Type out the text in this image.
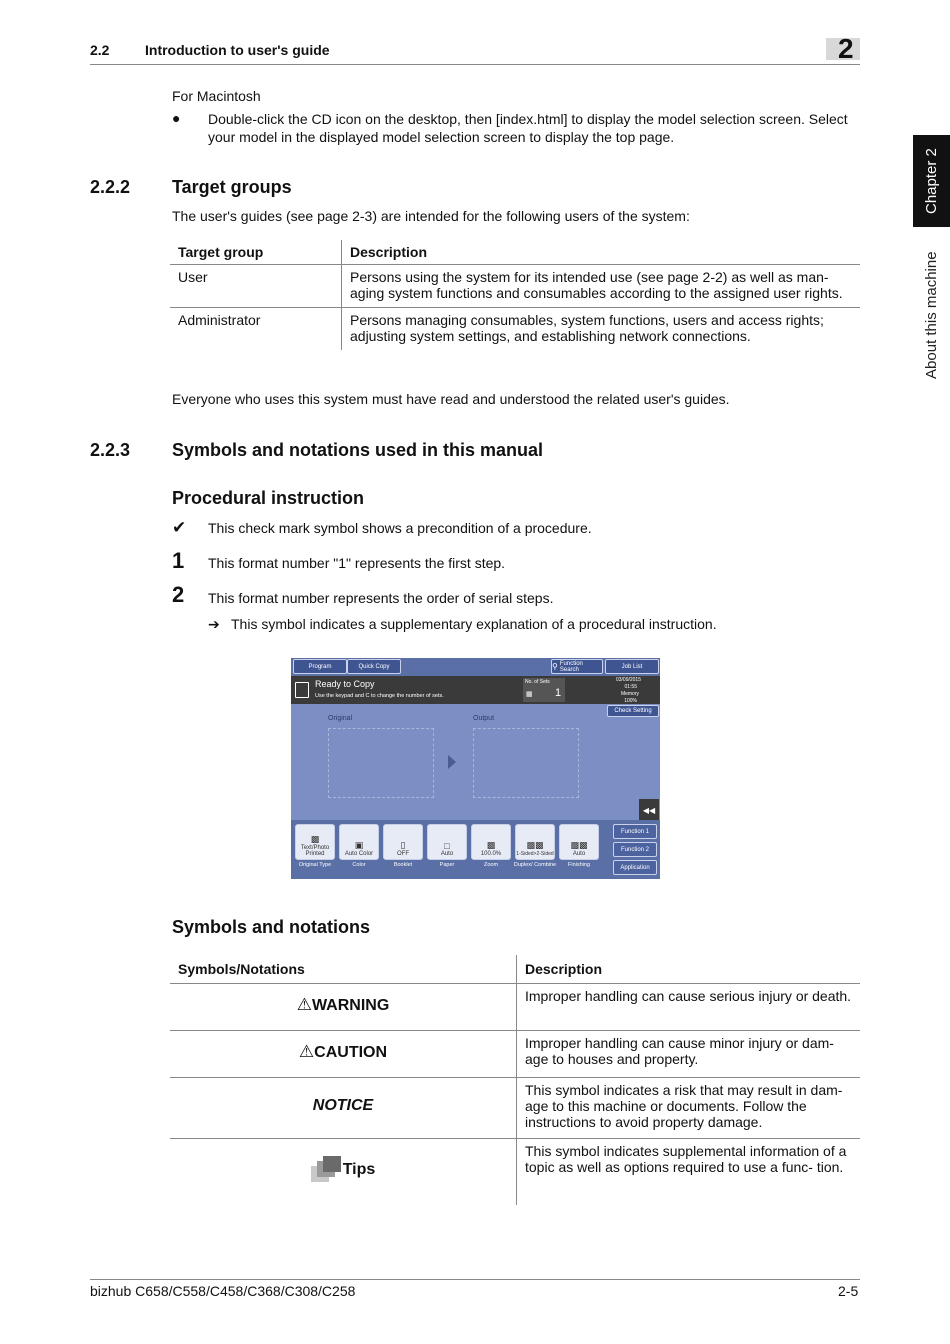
2.2	Introduction to user's guide	2
Chapter 2
About this machine
For Macintosh
● Double-click the CD icon on the desktop, then [index.html] to display the model selection screen. Select your model in the displayed model selection screen to display the top page.
2.2.2 Target groups
The user's guides (see page 2-3) are intended for the following users of the system:
Target group	Description
User	Persons using the system for its intended use (see page 2-2) as well as man- aging system functions and consumables according to the assigned user rights.
Administrator	Persons managing consumables, system functions, users and access rights; adjusting system settings, and establishing network connections.
Everyone who uses this system must have read and understood the related user's guides.
2.2.3 Symbols and notations used in this manual
Procedural instruction
✔ This check mark symbol shows a precondition of a procedure.
1 This format number "1" represents the first step.
2 This format number represents the order of serial steps.
➔ This symbol indicates a supplementary explanation of a procedural instruction.
Program	Quick Copy	⚲ Function Search	Job List
Ready to Copy
Use the keypad and C to change the number of sets.
No. of Sets
▦ 1
03/09/2015
01:55
Memory
100%
Check Setting
Original	Output
◀◀
▩
Text/Photo Printed
Original Type
▣
Auto Color
Color
▯
OFF
Booklet
□
Auto
Paper
▩
100.0%
Zoom
▩▩
1-Sided>2-Sided
Duplex/ Combine
▩▩
Auto
Finishing
Function 1
Function 2
Application
Symbols and notations
Symbols/Notations	Description
⚠WARNING	Improper handling can cause serious injury or death.
⚠CAUTION	Improper handling can cause minor injury or dam- age to houses and property.
NOTICE	This symbol indicates a risk that may result in dam- age to this machine or documents. Follow the instructions to avoid property damage.

Tips	This symbol indicates supplemental information of a topic as well as options required to use a func- tion.
bizhub C658/C558/C458/C368/C308/C258	2-5
